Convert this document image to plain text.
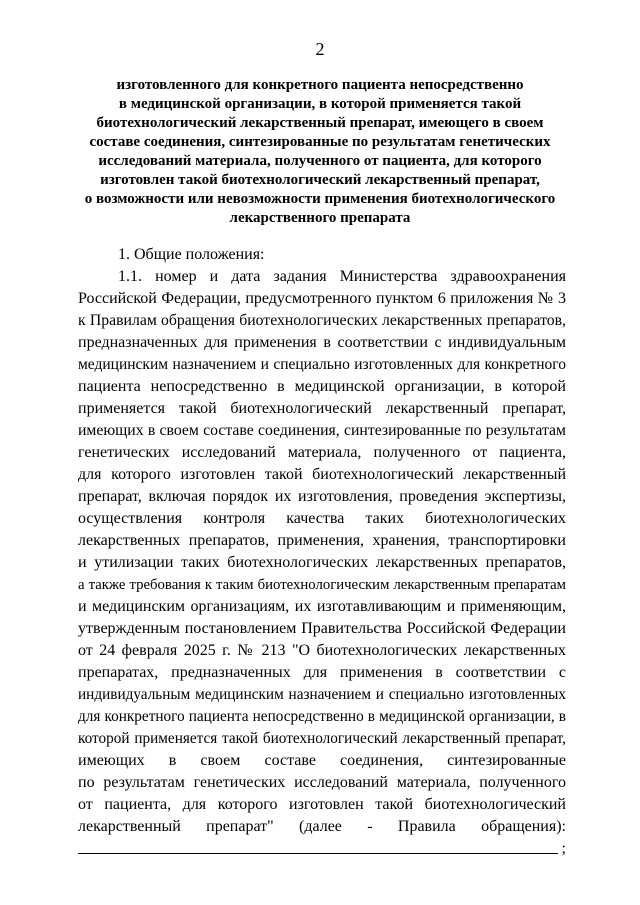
2
изготовленного для конкретного пациента непосредственно
в медицинской организации, в которой применяется такой
биотехнологический лекарственный препарат, имеющего в своем
составе соединения, синтезированные по результатам генетических
исследований материала, полученного от пациента, для которого
изготовлен такой биотехнологический лекарственный препарат,
о возможности или невозможности применения биотехнологического
лекарственного препарата
1. Общие положения:
1.1. номер и дата задания Министерства здравоохранения
Российской Федерации, предусмотренного пунктом 6 приложения № 3
к Правилам обращения биотехнологических лекарственных препаратов,
предназначенных для применения в соответствии с индивидуальным
медицинским назначением и специально изготовленных для конкретного
пациента непосредственно в медицинской организации, в которой
применяется такой биотехнологический лекарственный препарат,
имеющих в своем составе соединения, синтезированные по результатам
генетических исследований материала, полученного от пациента,
для которого изготовлен такой биотехнологический лекарственный
препарат, включая порядок их изготовления, проведения экспертизы,
осуществления контроля качества таких биотехнологических
лекарственных препаратов, применения, хранения, транспортировки
и утилизации таких биотехнологических лекарственных препаратов,
а также требования к таким биотехнологическим лекарственным препаратам
и медицинским организациям, их изготавливающим и применяющим,
утвержденным постановлением Правительства Российской Федерации
от 24 февраля 2025 г. № 213 "О биотехнологических лекарственных
препаратах, предназначенных для применения в соответствии с
индивидуальным медицинским назначением и специально изготовленных
для конкретного пациента непосредственно в медицинской организации, в
которой применяется такой биотехнологический лекарственный препарат,
имеющих в своем составе соединения, синтезированные
по результатам генетических исследований материала, полученного
от пациента, для которого изготовлен такой биотехнологический
лекарственный препарат" (далее - Правила обращения):
;
